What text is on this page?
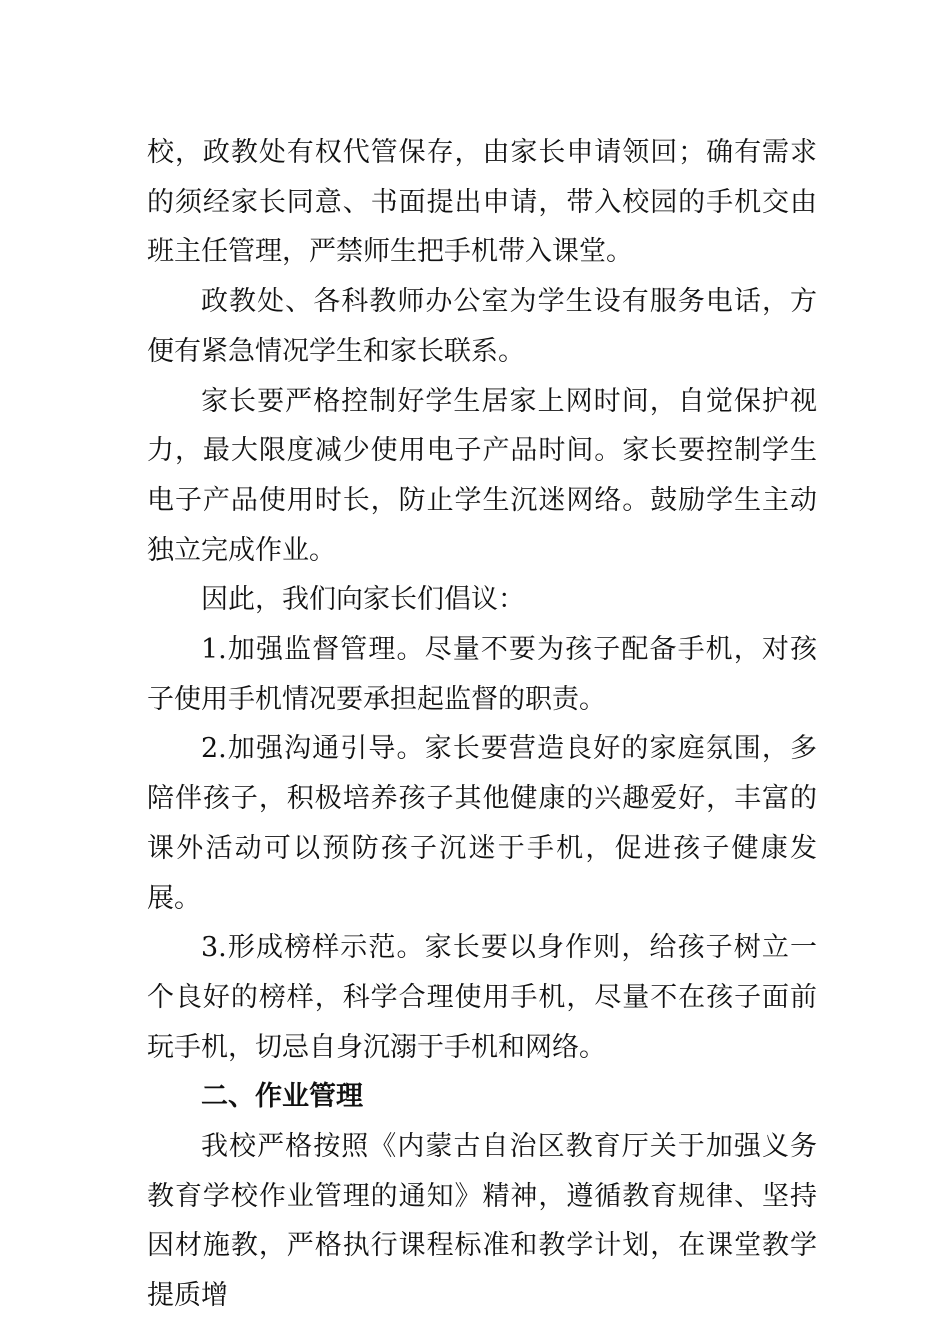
校，政教处有权代管保存，由家长申请领回；确有需求的须经家长同意、书面提出申请，带入校园的手机交由班主任管理，严禁师生把手机带入课堂。

政教处、各科教师办公室为学生设有服务电话，方便有紧急情况学生和家长联系。

家长要严格控制好学生居家上网时间，自觉保护视力，最大限度减少使用电子产品时间。家长要控制学生电子产品使用时长，防止学生沉迷网络。鼓励学生主动独立完成作业。

因此，我们向家长们倡议：

1.加强监督管理。尽量不要为孩子配备手机，对孩子使用手机情况要承担起监督的职责。

2.加强沟通引导。家长要营造良好的家庭氛围，多陪伴孩子，积极培养孩子其他健康的兴趣爱好，丰富的课外活动可以预防孩子沉迷于手机，促进孩子健康发展。

3.形成榜样示范。家长要以身作则，给孩子树立一个良好的榜样，科学合理使用手机，尽量不在孩子面前玩手机，切忌自身沉溺于手机和网络。

二、作业管理

我校严格按照《内蒙古自治区教育厅关于加强义务教育学校作业管理的通知》精神，遵循教育规律、坚持因材施教，严格执行课程标准和教学计划，在课堂教学提质增
